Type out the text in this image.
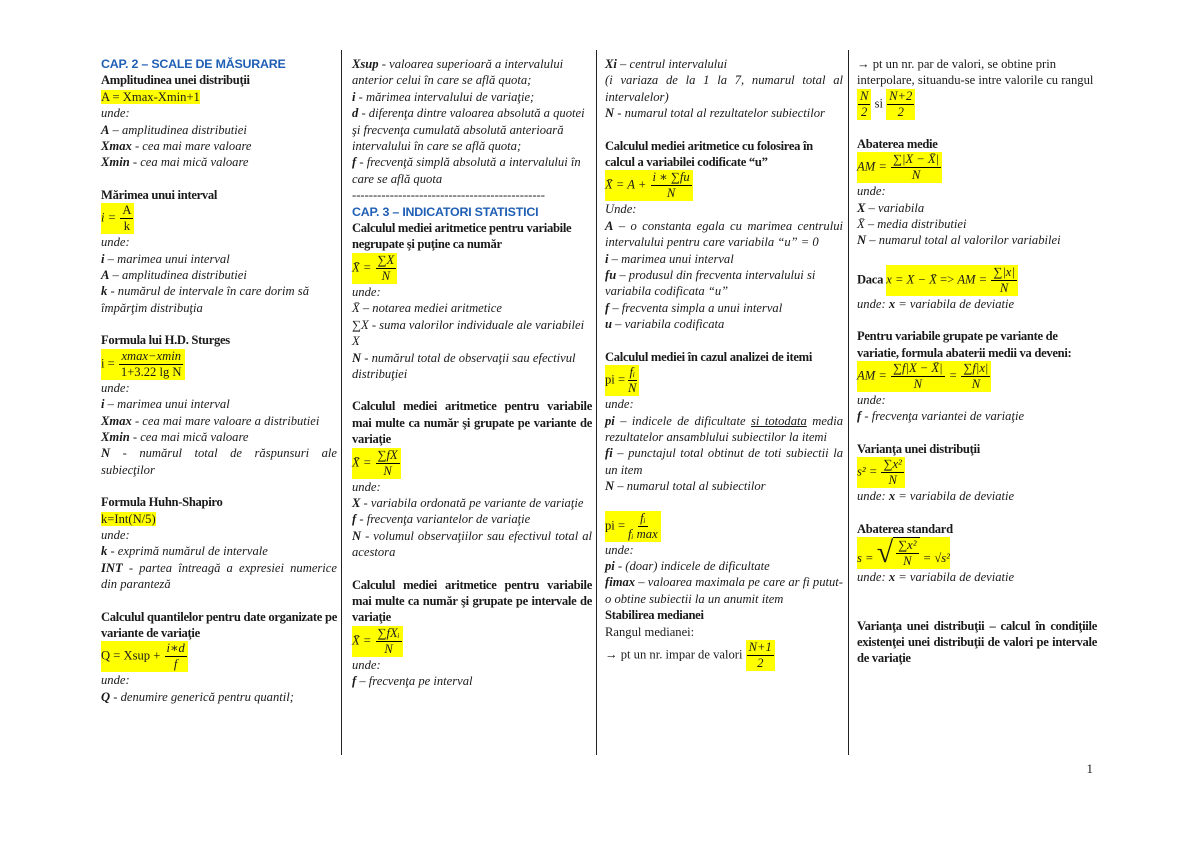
CAP. 2 – SCALE DE MĂSURARE

Amplitudinea unei distribuţii

A = Xmax-Xmin+1

unde:

A – amplitudinea distributiei

Xmax - cea mai mare valoare

Xmin - cea mai mică valoare

Mărimea unui interval

$i = \frac{A}{k}$

unde:

i – marimea unui interval

A – amplitudinea distributiei

k - numărul de intervale în care dorim să împărţim distribuţia

Formula lui H.D. Sturges

$i = \frac{xmax-xmin}{\text{1+3.22 lg N}}$

unde:

i – marimea unui interval

Xmax - cea mai mare valoare a distributiei

Xmin - cea mai mică valoare

N - numărul total de răspunsuri ale subiecţilor

Formula Huhn-Shapiro

k=Int(N/5)

unde:

k - exprimă numărul de intervale

INT - partea întreagă a expresiei numerice din paranteză

Calculul quantilelor pentru date organizate pe variante de variaţie

Q = Xsup + $\frac{i∗d}{f}$

unde:

Q - denumire generică pentru quantil;

Xsup - valoarea superioară a intervalului anterior celui în care se află quota;

i - mărimea intervalului de variaţie;

d - diferenţa dintre valoarea absolută a quotei şi frecvenţa cumulată absolută anterioară intervalului în care se află quota;

f - frecvenţă simplă absolută a intervalului în care se află quota

----------------------------------------------

CAP. 3 – INDICATORI STATISTICI

Calculul mediei aritmetice pentru variabile negrupate şi puţine ca număr

X̄ = $\frac{\sum X}{N}$

unde:

X̄ – notarea mediei aritmetice

∑X - suma valorilor individuale ale variabilei X

N - numărul total de observaţii sau efectivul distribuţiei

Calculul mediei aritmetice pentru variabile mai multe ca număr şi grupate pe variante de variaţie

X̄ = $\frac{\sum fX}{N}$

unde:

X - variabila ordonată pe variante de variaţie

f - frecvenţa variantelor de variaţie

N - volumul observaţiilor sau efectivul total al acestora

Calculul mediei aritmetice pentru variabile mai multe ca număr şi grupate pe intervale de variaţie

X̄ = $\frac{\text{∑fXᵢ}}{N}$

unde:

f – frecvenţa pe interval

Xi – centrul intervalului

(i variaza de la 1 la 7, numarul total al intervalelor)

N - numarul total al rezultatelor subiectilor

Calculul mediei aritmetice cu folosirea în calcul a variabilei codificate “u”

X̄ = $A + \frac{i ∗ \sum fu}{N}$

Unde:

A – o constanta egala cu marimea centrului intervalului pentru care variabila “u” = 0

i – marimea unui interval

fu – produsul din frecventa intervalului si variabila codificata “u”

f – frecventa simpla a unui interval

u – variabila codificata

Calculul mediei în cazul analizei de itemi

pi = $\frac{\text{fᵢ}}{N}$

unde:

pi – indicele de dificultate si totodata media rezultatelor ansamblului subiectilor la itemi

fi – punctajul total obtinut de toti subiectii la un item

N – numarul total al subiectilor

pi = $\frac{\text{fᵢ}}{\text{fᵢ max}}$

unde:

pi - (doar) indicele de dificultate

fimax – valoarea maximala pe care ar fi putut-o obtine subiectii la un anumit item

Stabilirea medianei

Rangul medianei:

→ pt un nr. impar de valori $\frac{N+1}{2}$

→ pt un nr. par de valori, se obtine prin interpolare, situandu-se intre valorile cu rangul
$\frac{N}{2}$ si $\frac{N+2}{2}$

Abaterea medie

AM = $\frac{\sum|X - X̄|}{N}$

unde:

X – variabila

X̄ – media distributiei

N – numarul total al valorilor variabilei

Daca x = X − X̄ => AM = $\frac{\sum|x|}{N}$

unde: x = variabila de deviatie

Pentru variabile grupate pe variante de variatie, formula abaterii medii va deveni:

AM = $\frac{\sum f|X - X̄|}{N} = \frac{\sum f|x|}{N}$

unde:

f - frecvenţa variantei de variaţie

Varianţa unei distribuţii

$s^2 = \frac{\text{∑x²}}{N}$

unde: x = variabila de deviatie

Abaterea standard

s = √ $\frac{\text{∑x²}}{N} = √s^2$

unde: x = variabila de deviatie

Varianţa unei distribuţii – calcul în condiţiile existenţei unei distribuţii de valori pe intervale de variaţie

1
